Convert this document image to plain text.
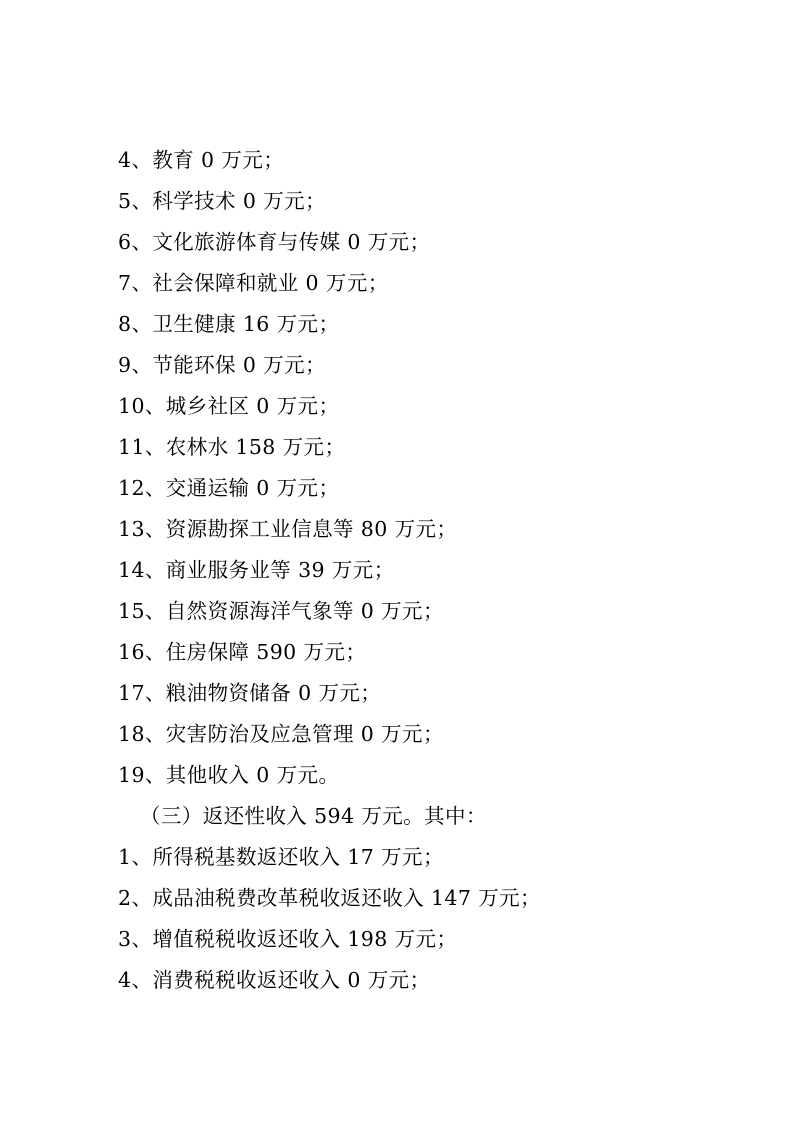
4、教育 0 万元；

5、科学技术 0 万元；

6、文化旅游体育与传媒 0 万元；

7、社会保障和就业 0 万元；

8、卫生健康 16 万元；

9、节能环保 0 万元；

10、城乡社区 0 万元；

11、农林水 158 万元；

12、交通运输 0 万元；

13、资源勘探工业信息等 80 万元；

14、商业服务业等 39 万元；

15、自然资源海洋气象等 0 万元；

16、住房保障 590 万元；

17、粮油物资储备 0 万元；

18、灾害防治及应急管理 0 万元；

19、其他收入 0 万元。

（三）返还性收入 594 万元。其中：

1、所得税基数返还收入 17 万元；

2、成品油税费改革税收返还收入 147 万元；

3、增值税税收返还收入 198 万元；

4、消费税税收返还收入 0 万元；
